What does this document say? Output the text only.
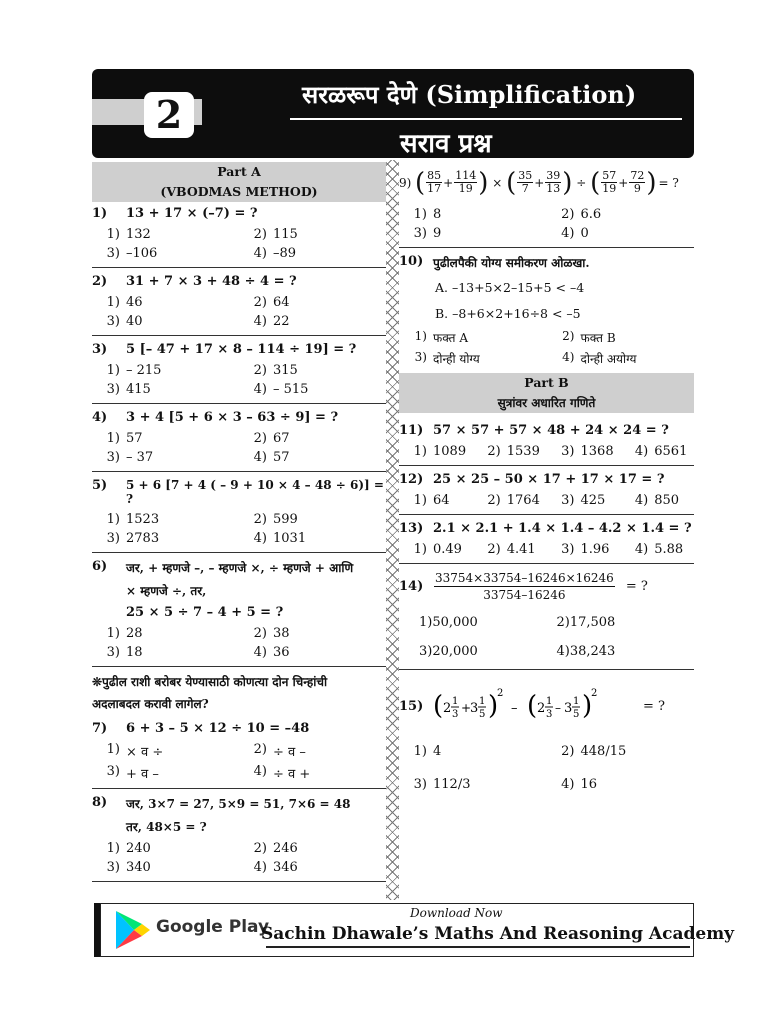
2	सरळरूप देणे (Simplification)
सराव प्रश्न
Part A
(VBODMAS METHOD)
1)	13 + 17 × (–7) = ?
1) 132	2) 115
3) –106	4) –89
2)	31 + 7 × 3 + 48 ÷ 4 = ?
1) 46	2) 64
3) 40	4) 22
3)	5 [– 47 + 17 × 8 – 114 ÷ 19] = ?
1) – 215	2) 315
3) 415	4) – 515
4)	3 + 4 [5 + 6 × 3 – 63 ÷ 9] = ?
1) 57	2) 67
3) – 37	4) 57
5)	5 + 6 [7 + 4 ( – 9 + 10 × 4 – 48 ÷ 6)] = ?
1) 1523	2) 599
3) 2783	4) 1031
6)	जर, + म्हणजे –, – म्हणजे ×, ÷ म्हणजे + आणि
× म्हणजे ÷, तर,
25 × 5 ÷ 7 – 4 + 5 = ?
1) 28	2) 38
3) 18	4) 36
❊पुढील राशी बरोबर येण्यासाठी कोणत्या दोन चिन्हांची
अदलाबदल करावी लागेल?
7)	6 + 3 – 5 × 12 ÷ 10 = –48
1) × व ÷	2) ÷ व –
3) + व –	4) ÷ व +
8)	जर, 3×7 = 27, 5×9 = 51, 7×6 = 48
तर, 48×5 = ?
1) 240	2) 246
3) 340	4) 346
9) ( $\frac{85}{17} + \frac{114}{19}$ ) × ( $\frac{35}{7} + \frac{39}{13}$ ) ÷ ( $\frac{57}{19} + \frac{72}{9}$ ) = ?
1) 8	2) 6.6
3) 9	4) 0
10) पुढीलपैकी योग्य समीकरण ओळखा.
A. –13+5×2–15+5 < –4
B. –8+6×2+16÷8 < –5
1) फक्त A	2) फक्त B
3) दोन्ही योग्य	4) दोन्ही अयोग्य
Part B
सुत्रांवर अधारित गणिते
11) 57 × 57 + 57 × 48 + 24 × 24 = ?
1) 1089	2) 1539	3) 1368	4) 6561
12) 25 × 25 – 50 × 17 + 17 × 17 = ?
1) 64	2) 1764	3) 425	4) 850
13) 2.1 × 2.1 + 1.4 × 1.4 – 4.2 × 1.4 = ?
1) 0.49	2) 4.41	3) 1.96	4) 5.88
$14) \frac{33754\times 33754-16246\times 16246}{33754-16246}$ = ?
1)50,000	2)17,508
3)20,000	4)38,243
15) ( 2 1
3 +
3 1
5 )
2
– ( 2 1
3 – 3 1
5 )
2
= ?
1) 4	2) 448/15
3) 112/3	4) 16
Google Play
Download Now
Sachin Dhawale’s Maths And Reasoning Academy
